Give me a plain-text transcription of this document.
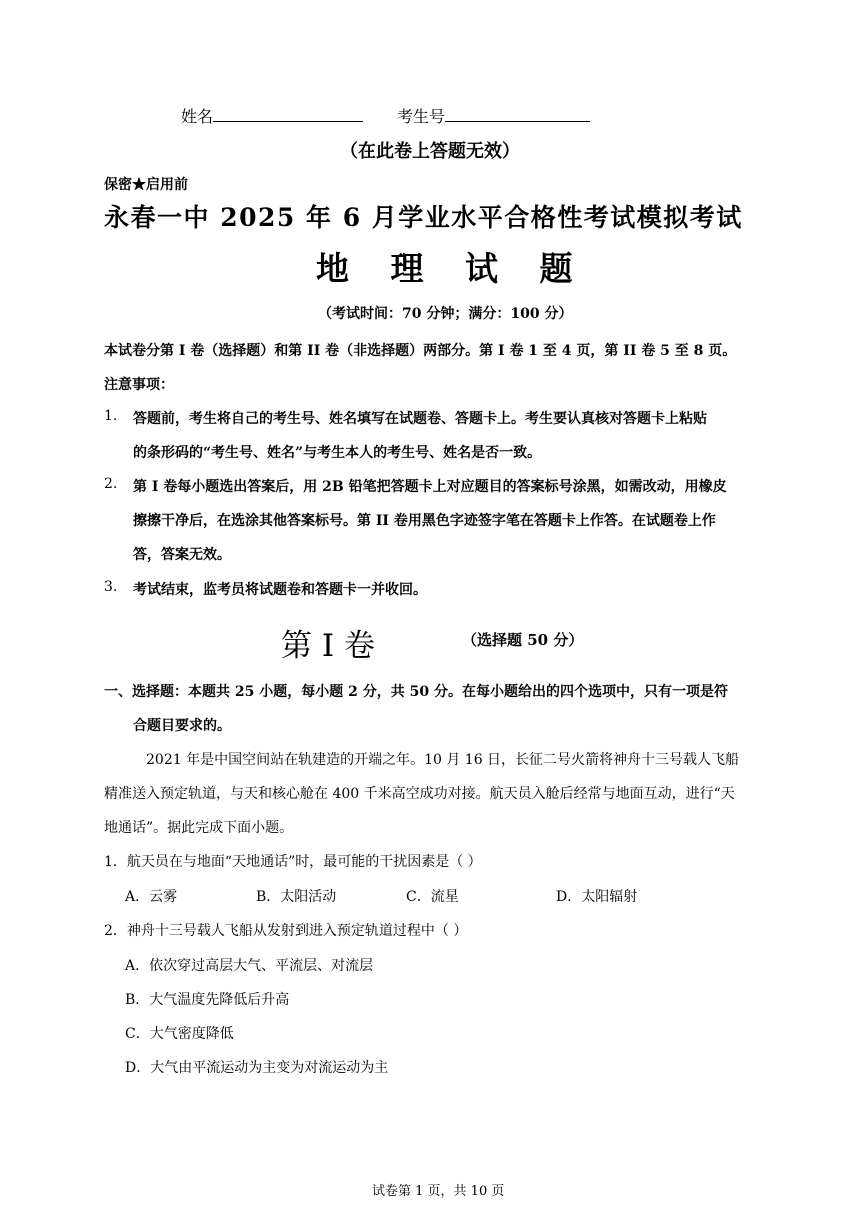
姓名	考生号
（在此卷上答题无效）
保密★启用前
永春一中 2025 年 6 月学业水平合格性考试模拟考试
地 理 试 题
（考试时间：70 分钟；满分：100 分）
本试卷分第 I 卷（选择题）和第 II 卷（非选择题）两部分。第 I 卷 1 至 4 页，第 II 卷 5 至 8 页。
注意事项：
1. 答题前，考生将自己的考生号、姓名填写在试题卷、答题卡上。考生要认真核对答题卡上粘贴
的条形码的“考生号、姓名”与考生本人的考生号、姓名是否一致。
2. 第 I 卷每小题选出答案后，用 2B 铅笔把答题卡上对应题目的答案标号涂黑，如需改动，用橡皮
擦擦干净后，在选涂其他答案标号。第 II 卷用黑色字迹签字笔在答题卡上作答。在试题卷上作
答，答案无效。
3. 考试结束，监考员将试题卷和答题卡一并收回。
第 I 卷	（选择题 50 分）
一、选择题：本题共 25 小题，每小题 2 分，共 50 分。在每小题给出的四个选项中，只有一项是符
合题目要求的。
2021 年是中国空间站在轨建造的开端之年。10 月 16 日，长征二号火箭将神舟十三号载人飞船
精准送入预定轨道，与天和核心舱在 400 千米高空成功对接。航天员入舱后经常与地面互动，进行“天
地通话”。据此完成下面小题。
1．航天员在与地面“天地通话”时，最可能的干扰因素是（ ）
A．云雾	B．太阳活动	C．流星	D．太阳辐射
2．神舟十三号载人飞船从发射到进入预定轨道过程中（ ）
A．依次穿过高层大气、平流层、对流层
B．大气温度先降低后升高
C．大气密度降低
D．大气由平流运动为主变为对流运动为主
试卷第 1 页，共 10 页
